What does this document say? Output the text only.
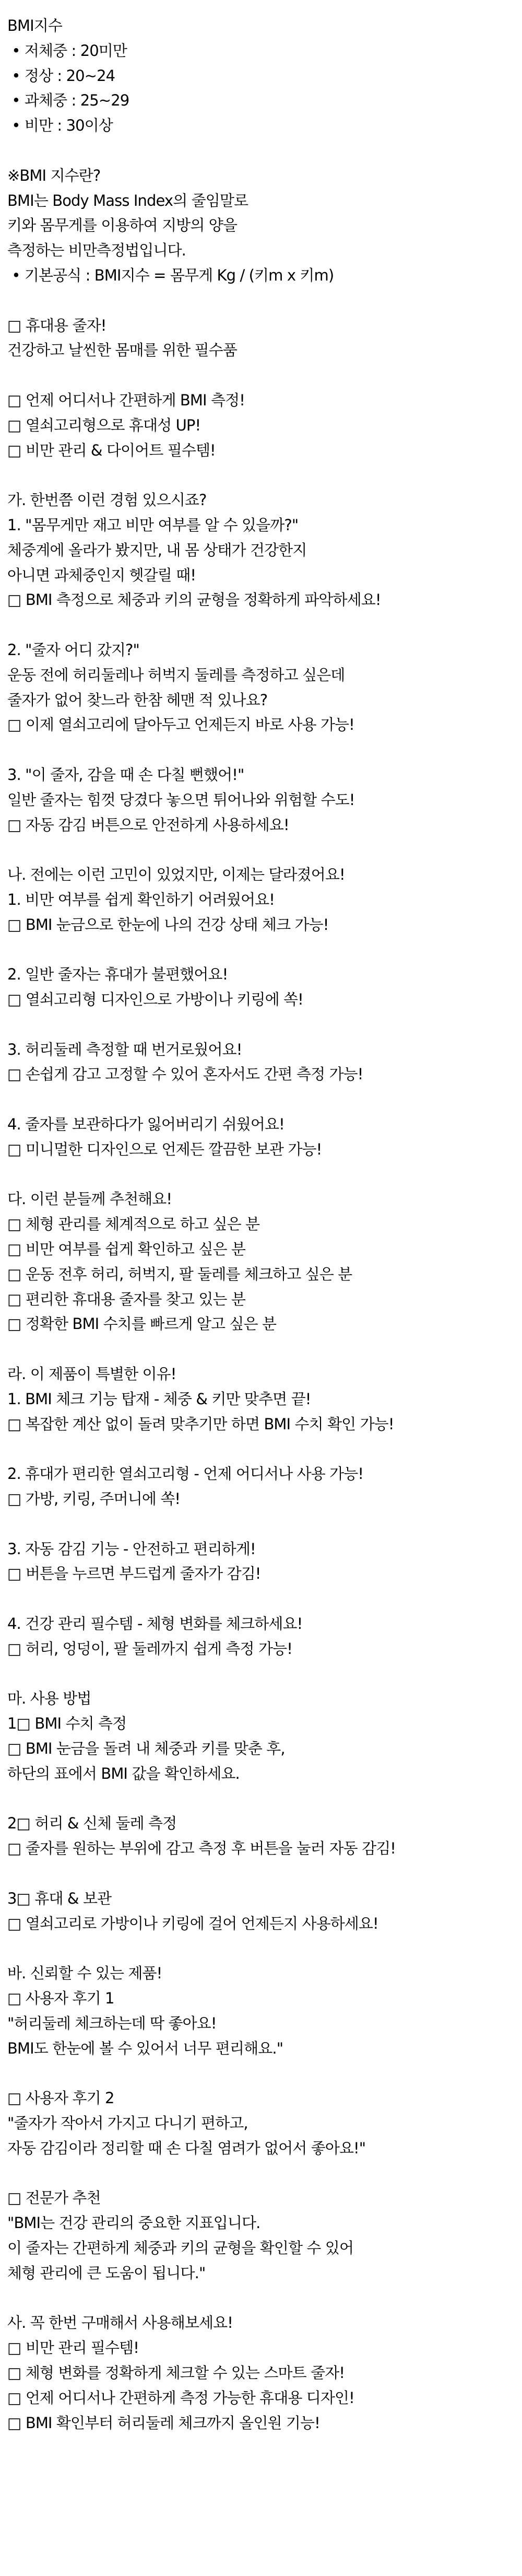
BMI지수
• 저체중 : 20미만
• 정상 : 20~24
• 과체중 : 25~29
• 비만 : 30이상
※BMI 지수란?
BMI는 Body Mass Index의 줄임말로
키와 몸무게를 이용하여 지방의 양을
측정하는 비만측정법입니다.
• 기본공식 : BMI지수 = 몸무게 Kg / (키m x 키m)
□ 휴대용 줄자!
건강하고 날씬한 몸매를 위한 필수품
□ 언제 어디서나 간편하게 BMI 측정!
□ 열쇠고리형으로 휴대성 UP!
□ 비만 관리 & 다이어트 필수템!
가. 한번쯤 이런 경험 있으시죠?
1. "몸무게만 재고 비만 여부를 알 수 있을까?"
체중계에 올라가 봤지만, 내 몸 상태가 건강한지
아니면 과체중인지 헷갈릴 때!
□ BMI 측정으로 체중과 키의 균형을 정확하게 파악하세요!
2. "줄자 어디 갔지?"
운동 전에 허리둘레나 허벅지 둘레를 측정하고 싶은데
줄자가 없어 찾느라 한참 헤맨 적 있나요?
□ 이제 열쇠고리에 달아두고 언제든지 바로 사용 가능!
3. "이 줄자, 감을 때 손 다칠 뻔했어!"
일반 줄자는 힘껏 당겼다 놓으면 튀어나와 위험할 수도!
□ 자동 감김 버튼으로 안전하게 사용하세요!
나. 전에는 이런 고민이 있었지만, 이제는 달라졌어요!
1. 비만 여부를 쉽게 확인하기 어려웠어요!
□ BMI 눈금으로 한눈에 나의 건강 상태 체크 가능!
2. 일반 줄자는 휴대가 불편했어요!
□ 열쇠고리형 디자인으로 가방이나 키링에 쏙!
3. 허리둘레 측정할 때 번거로웠어요!
□ 손쉽게 감고 고정할 수 있어 혼자서도 간편 측정 가능!
4. 줄자를 보관하다가 잃어버리기 쉬웠어요!
□ 미니멀한 디자인으로 언제든 깔끔한 보관 가능!
다. 이런 분들께 추천해요!
□ 체형 관리를 체계적으로 하고 싶은 분
□ 비만 여부를 쉽게 확인하고 싶은 분
□ 운동 전후 허리, 허벅지, 팔 둘레를 체크하고 싶은 분
□ 편리한 휴대용 줄자를 찾고 있는 분
□ 정확한 BMI 수치를 빠르게 알고 싶은 분
라. 이 제품이 특별한 이유!
1. BMI 체크 기능 탑재 - 체중 & 키만 맞추면 끝!
□ 복잡한 계산 없이 돌려 맞추기만 하면 BMI 수치 확인 가능!
2. 휴대가 편리한 열쇠고리형 - 언제 어디서나 사용 가능!
□ 가방, 키링, 주머니에 쏙!
3. 자동 감김 기능 - 안전하고 편리하게!
□ 버튼을 누르면 부드럽게 줄자가 감김!
4. 건강 관리 필수템 - 체형 변화를 체크하세요!
□ 허리, 엉덩이, 팔 둘레까지 쉽게 측정 가능!
마. 사용 방법
1□ BMI 수치 측정
□ BMI 눈금을 돌려 내 체중과 키를 맞춘 후,
하단의 표에서 BMI 값을 확인하세요.
2□ 허리 & 신체 둘레 측정
□ 줄자를 원하는 부위에 감고 측정 후 버튼을 눌러 자동 감김!
3□ 휴대 & 보관
□ 열쇠고리로 가방이나 키링에 걸어 언제든지 사용하세요!
바. 신뢰할 수 있는 제품!
□ 사용자 후기 1
"허리둘레 체크하는데 딱 좋아요!
BMI도 한눈에 볼 수 있어서 너무 편리해요."
□ 사용자 후기 2
"줄자가 작아서 가지고 다니기 편하고,
자동 감김이라 정리할 때 손 다칠 염려가 없어서 좋아요!"
□ 전문가 추천
"BMI는 건강 관리의 중요한 지표입니다.
이 줄자는 간편하게 체중과 키의 균형을 확인할 수 있어
체형 관리에 큰 도움이 됩니다."
사. 꼭 한번 구매해서 사용해보세요!
□ 비만 관리 필수템!
□ 체형 변화를 정확하게 체크할 수 있는 스마트 줄자!
□ 언제 어디서나 간편하게 측정 가능한 휴대용 디자인!
□ BMI 확인부터 허리둘레 체크까지 올인원 기능!
